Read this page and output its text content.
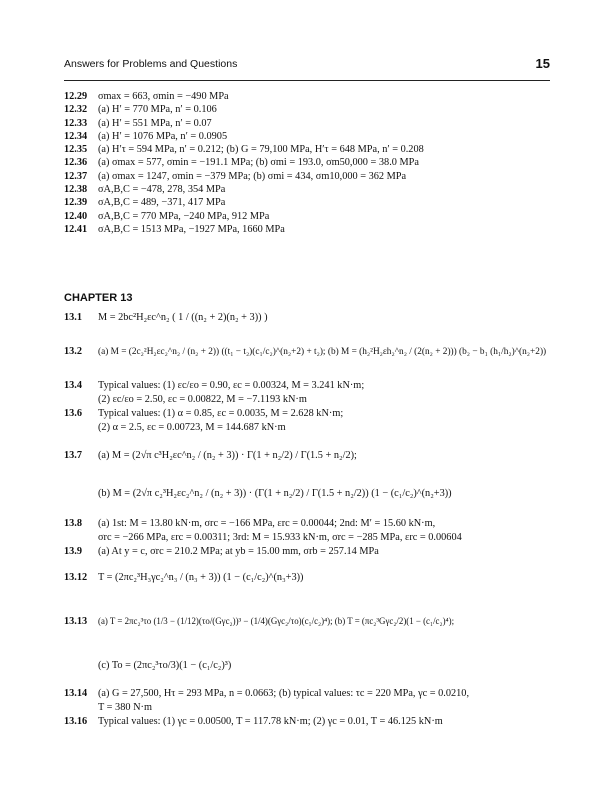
Answers for Problems and Questions	15
12.29 σmax = 663, σmin = −490 MPa
12.32 (a) H′ = 770 MPa, n′ = 0.106
12.33 (a) H′ = 551 MPa, n′ = 0.07
12.34 (a) H′ = 1076 MPa, n′ = 0.0905
12.35 (a) H′τ = 594 MPa, n′ = 0.212; (b) G = 79,100 MPa, H′τ = 648 MPa, n′ = 0.208
12.36 (a) σmax = 577, σmin = −191.1 MPa; (b) σmi = 193.0, σm50,000 = 38.0 MPa
12.37 (a) σmax = 1247, σmin = −379 MPa; (b) σmi = 434, σm10,000 = 362 MPa
12.38 σA,B,C = −478, 278, 354 MPa
12.39 σA,B,C = 489, −371, 417 MPa
12.40 σA,B,C = 770 MPa, −240 MPa, 912 MPa
12.41 σA,B,C = 1513 MPa, −1927 MPa, 1660 MPa
CHAPTER 13
13.1 M = 2bc²H₂εc^n₂ ( 1 / ((n₂ + 2)(n₂ + 3)) )
13.2 (a) M = (2c₂²H₂εc₂^n₂ / (n₂ + 2)) ((t₁ − t₂)(c₁/c₂)^(n₂+2) + t₂); (b) M = (h₂²H₂εh₂^n₂ / (2(n₂ + 2))) (b₂ − b₁ (h₁/h₂)^(n₂+2))
13.4 Typical values: (1) εc/εo = 0.90, εc = 0.00324, M = 3.241 kN·m;
(2) εc/εo = 2.50, εc = 0.00822, M = −7.1193 kN·m
13.6 Typical values: (1) α = 0.85, εc = 0.0035, M = 2.628 kN·m;
(2) α = 2.5, εc = 0.00723, M = 144.687 kN·m
13.7 (a) M = (2√π c³H₂εc^n₂ / (n₂ + 3)) · Γ(1 + n₂/2) / Γ(1.5 + n₂/2);
(b) M = (2√π c₂³H₂εc₂^n₂ / (n₂ + 3)) · (Γ(1 + n₂/2) / Γ(1.5 + n₂/2)) (1 − (c₁/c₂)^(n₂+3))
13.8 (a) 1st: M = 13.80 kN·m, σrc = −166 MPa, εrc = 0.00044; 2nd: M′ = 15.60 kN·m,
σrc = −266 MPa, εrc = 0.00311; 3rd: M = 15.933 kN·m, σrc = −285 MPa, εrc = 0.00604
13.9 (a) At y = c, σrc = 210.2 MPa; at yb = 15.00 mm, σrb = 257.14 MPa
13.12 T = (2πc₂³H₃γc₂^n₃ / (n₃ + 3)) (1 − (c₁/c₂)^(n₃+3))
13.13 (a) T = 2πc₂³τo (1/3 − (1/12)(τo/(Gγc₂))³ − (1/4)(Gγc₂/τo)(c₁/c₂)⁴); (b) T = (πc₂³Gγc₂/2)(1 − (c₁/c₂)⁴);
(c) To = (2πc₂³τo/3)(1 − (c₁/c₂)³)
13.14 (a) G = 27,500, Hτ = 293 MPa, n = 0.0663; (b) typical values: τc = 220 MPa, γc = 0.0210,
T = 380 N·m
13.16 Typical values: (1) γc = 0.00500, T = 117.78 kN·m; (2) γc = 0.01, T = 46.125 kN·m
